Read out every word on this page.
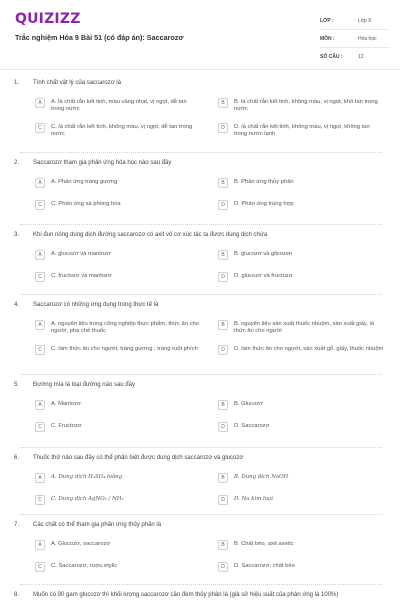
QUIZIZZ
Trắc nghiệm Hóa 9 Bài 51 (có đáp án): Saccarozơ
LỚP :	Lớp 9
MÔN :	Hóa học
SỐ CÂU :	12
1. Tính chất vật lý của saccarozơ là
A	A. là chất rắn kết tinh, màu vàng nhạt, vị ngọt, dễ tan trong nước
B	B. là chất rắn kết tinh, không màu, vị ngọt, khó tan trong nước
C	C. là chất rắn kết tinh, không màu, vị ngọt, dễ tan trong nước
D	D. là chất rắn kết tinh, không màu, vị ngọt, không tan trong nước lạnh
2. Saccarozơ tham gia phản ứng hóa học nào sau đây
A	A. Phản ứng tráng gương	B	B. Phản ứng thủy phân
C	C. Phản ứng xà phòng hóa	D	D. Phản ứng trùng hợp
3. Khi đun nóng dung dịch đường saccarozơ có axit vô cơ xúc tác ta được dung dịch chứa
A	A. glucozơ và mantozơ	B	B. glucozơ và glicozen
C	C. fructozơ và mantozơ	D	D. glucozơ và fructozơ
4. Saccarozơ có những ứng dụng trong thực tế là
A	A. nguyên liệu trong công nghiệp thực phẩm, thức ăn cho người, pha chế thuốc
B	B. nguyên liệu sản xuất thuốc nhuộm, sản xuất giấy, là thức ăn cho người
C	C. làm thức ăn cho người, tráng gương , tráng ruột phích	D	D. làm thức ăn cho người, sản xuất gỗ, giấy, thuốc nhuộm
5. Đường mía là loại đường nào sau đây
A	A. Mantozơ	B	B. Glucozơ
C	C. Fructozơ	D	D. Saccarozơ
6. Thuốc thử nào sau đây có thể phân biệt được dung dịch saccarozơ và glucozơ
A	A. Dung dịch H₂SO₄ loãng	B	B. Dung dịch NaOH
C	C. Dung dịch AgNO₃ / NH₃	D	D. Na kim loại
7. Các chất có thể tham gia phản ứng thủy phân là
A	A. Glucozơ, saccarozơ	B	B. Chất béo, axit axetic
C	C. Saccarozơ, rượu etylic	D	D. Saccarozơ, chất béo
8. Muốn có 90 gam glucozơ thì khối lượng saccarozơ cần đem thủy phân là (giả sử hiệu suất của phản ứng là 100%)
